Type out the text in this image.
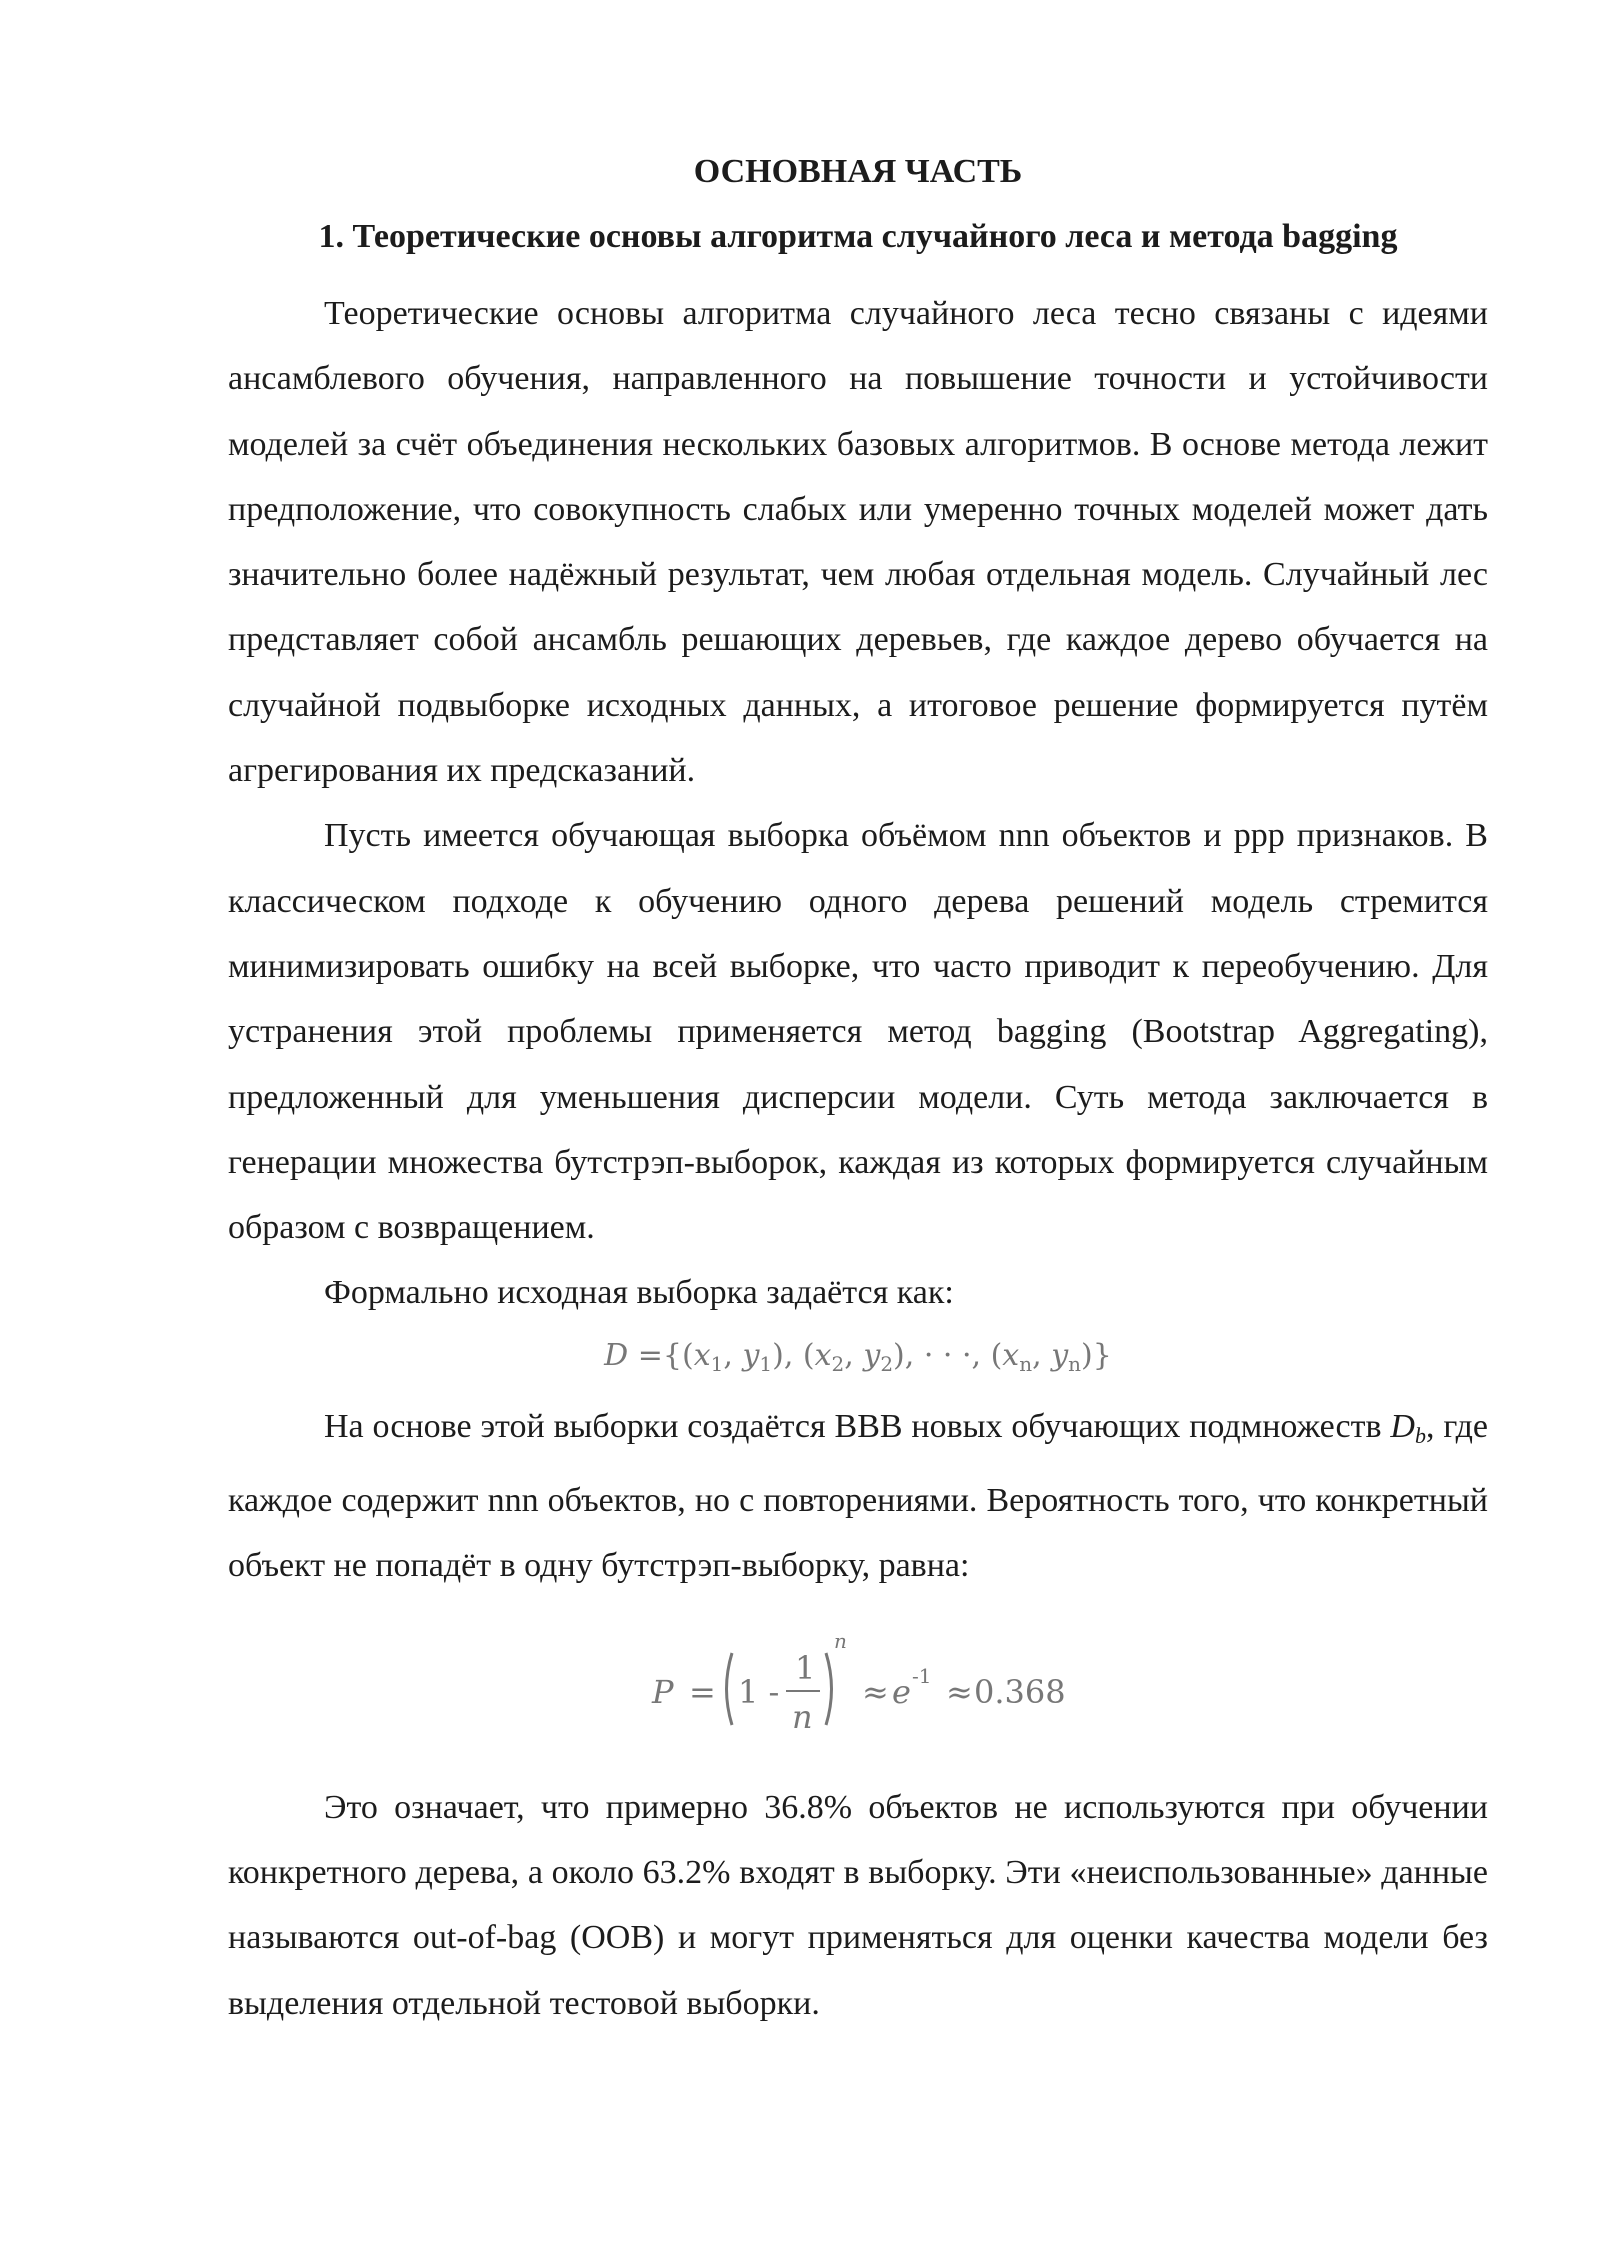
ОСНОВНАЯ ЧАСТЬ
1. Теоретические основы алгоритма случайного леса и метода bagging

Теоретические основы алгоритма случайного леса тесно связаны с идеями ансамблевого обучения, направленного на повышение точности и устойчивости моделей за счёт объединения нескольких базовых алгоритмов. В основе метода лежит предположение, что совокупность слабых или умеренно точных моделей может дать значительно более надёжный результат, чем любая отдельная модель. Случайный лес представляет собой ансамбль решающих деревьев, где каждое дерево обучается на случайной подвыборке исходных данных, а итоговое решение формируется путём агрегирования их предсказаний.

Пусть имеется обучающая выборка объёмом nnn объектов и ppp признаков. В классическом подходе к обучению одного дерева решений модель стремится минимизировать ошибку на всей выборке, что часто приводит к переобучению. Для устранения этой проблемы применяется метод bagging (Bootstrap Aggregating), предложенный для уменьшения дисперсии модели. Суть метода заключается в генерации множества бутстрэп-выборок, каждая из которых формируется случайным образом с возвращением.

Формально исходная выборка задаётся как:

$D =\{(x_1$, $y_1$), ($x_2$, $y_2$), · · ·, ($x_n$, $y_n$)}

На основе этой выборки создаётся BBB новых обучающих подмножеств Db, где каждое содержит nnn объектов, но с повторениями. Вероятность того, что конкретный объект не попадёт в одну бутстрэп-выборку, равна:

P = 1 -
1
n
n
≈ e -1 ≈ 0.368

Это означает, что примерно 36.8% объектов не используются при обучении конкретного дерева, а около 63.2% входят в выборку. Эти «неиспользованные» данные называются out-of-bag (OOB) и могут применяться для оценки качества модели без выделения отдельной тестовой выборки.
